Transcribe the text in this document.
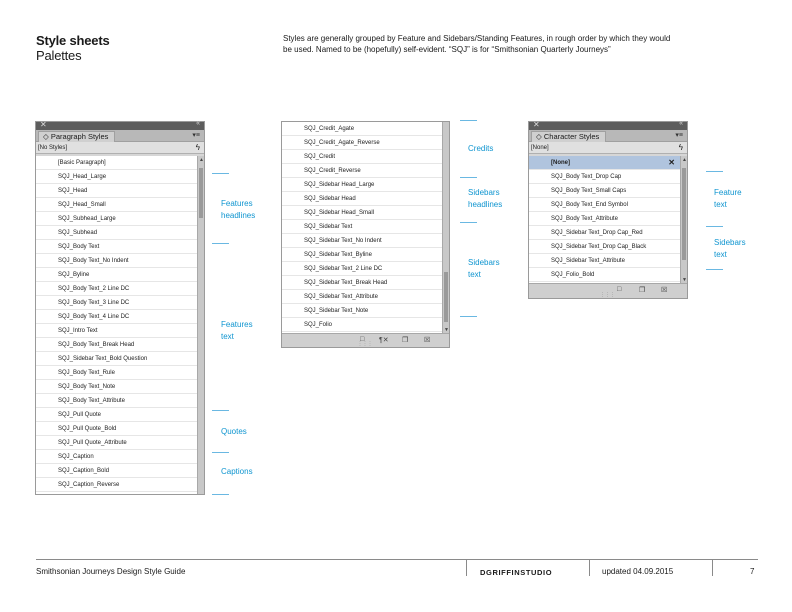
Style sheets
Palettes
Styles are generally grouped by Feature and Sidebars/Standing Features, in rough order by which they would
be used. Named to be (hopefully) self-evident. “SQJ” is for “Smithsonian Quarterly Journeys”
✕	«
◇ Paragraph Styles	▾≡
[No Styles]	ϟ
[Basic Paragraph]
SQJ_Head_Large
SQJ_Head
SQJ_Head_Small
SQJ_Subhead_Large
SQJ_Subhead
SQJ_Body Text
SQJ_Body Text_No Indent
SQJ_Byline
SQJ_Body Text_2 Line DC
SQJ_Body Text_3 Line DC
SQJ_Body Text_4 Line DC
SQJ_Intro Text
SQJ_Body Text_Break Head
SQJ_Sidebar Text_Bold Question
SQJ_Body Text_Rule
SQJ_Body Text_Note
SQJ_Body Text_Attribute
SQJ_Pull Quote
SQJ_Pull Quote_Bold
SQJ_Pull Quote_Attribute
SQJ_Caption
SQJ_Caption_Bold
SQJ_Caption_Reverse
▲
SQJ_Credit_Agate
SQJ_Credit_Agate_Reverse
SQJ_Credit
SQJ_Credit_Reverse
SQJ_Sidebar Head_Large
SQJ_Sidebar Head
SQJ_Sidebar Head_Small
SQJ_Sidebar Text
SQJ_Sidebar Text_No Indent
SQJ_Sidebar Text_Byline
SQJ_Sidebar Text_2 Line DC
SQJ_Sidebar Text_Break Head
SQJ_Sidebar Text_Attribute
SQJ_Sidebar Text_Note
SQJ_Folio
▼
□ ¶✕ ❐ ☒
⋮⋮⋮
✕	«
◇ Character Styles	▾≡
[None]	ϟ
[None]	✕
SQJ_Body Text_Drop Cap
SQJ_Body Text_Small Caps
SQJ_Body Text_End Symbol
SQJ_Body Text_Attribute
SQJ_Sidebar Text_Drop Cap_Red
SQJ_Sidebar Text_Drop Cap_Black
SQJ_Sidebar Text_Attribute
SQJ_Folio_Bold
▲
▼
□	❐ ☒
⋮⋮⋮
Features
headlines
Features
text
Quotes
Captions
Credits
Sidebars
headlines
Sidebars
text
Feature
text
Sidebars
text
Smithsonian Journeys Design Style Guide	DGRIFFINSTUDIO	updated 04.09.2015	7
